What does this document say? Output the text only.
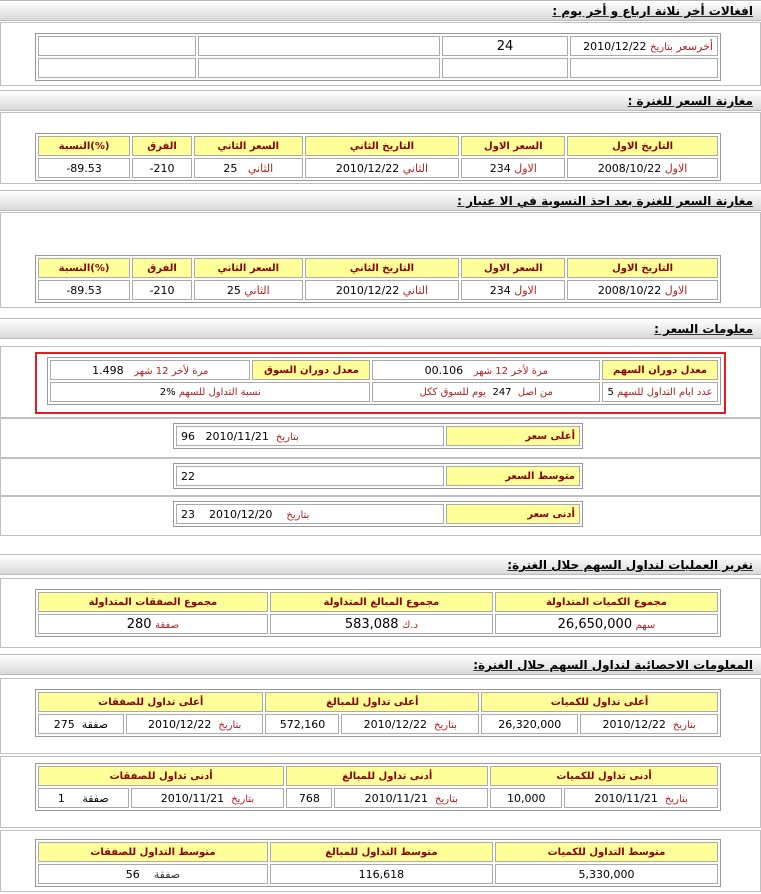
افغالات أخر نلانة ارباع و أخر يوم :
أخرسعر بتاريخ 2010/12/22	24		

مغارنة السعر للغنرة :
التاريخ الاول	السعر الاول	التاريخ الثاني	السعر الثاني	الفرق	(%)النسبة
الاول 2008/10/22	الاول 234	الثاني 2010/12/22	الثاني   25	-210	-89.53
مغارنة السعر للغنرة بعد احذ النسوية في الا عنبار :
التاريخ الاول	السعر الاول	التاريخ الثاني	السعر الثاني	الفرق	(%)النسبة
الاول 2008/10/22	الاول 234	الثاني 2010/12/22	الثاني 25	-210	-89.53
معلومات السعر :
معدل دوران السهم	مرة لأخر 12 شهر   00.106	معدل دوران السوق	مرة لأخر 12 شهر   1.498
عدد ايام التداول للسهم 5	من اصل  247  يوم للسوق ككل	نسبة التداول للسهم %2	
أعلى سعر	96 2010/11/21 بتاريخ
متوسط السعر	22
أدنى سعر	23 2010/12/20 بتاريخ
نغرير العمليات لنداول السهم حلال الغنرة:
مجموع الكميات المتداولة	مجموع المبالغ المتداولة	مجموع الصفقات المتداولة
سهم 26,650,000	د.ك 583,088	صفقة 280
المعلومات الاحصائية لنداول السهم حلال الغنرة:
أعلى تداول للكميات		أعلى تداول للمبالغ		أعلى تداول للصفقات	
بتاريخ  2010/12/22	26,320,000	بتاريخ  2010/12/22	572,160	بتاريخ  2010/12/22	صفقة  275
أدنى تداول للكميات		أدنى تداول للمبالغ		أدنى تداول للصفقات	
بتاريخ  2010/11/21	10,000	بتاريخ  2010/11/21	768	بتاريخ  2010/11/21	صفقة     1
متوسط التداول للكميات	متوسط التداول للمبالغ	متوسط التداول للصفقات
5,330,000	116,618	صفقة    56
